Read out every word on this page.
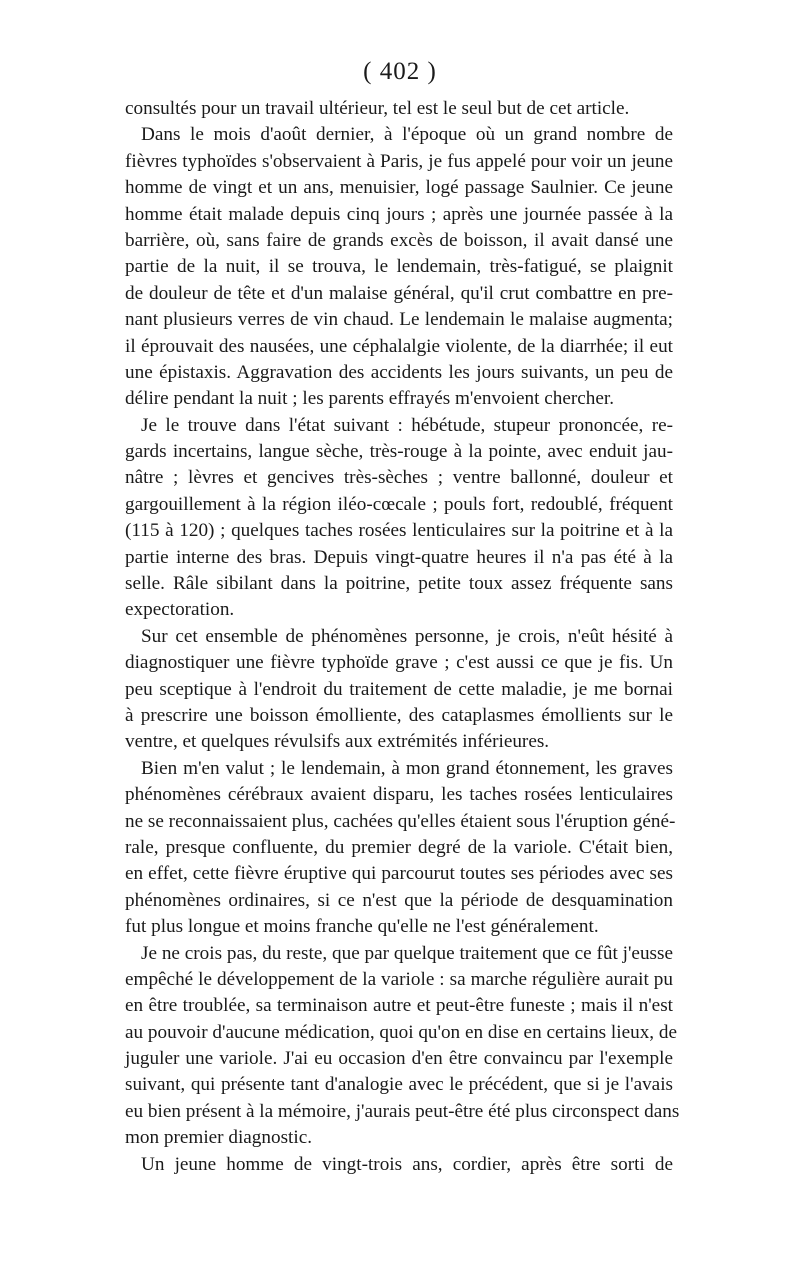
( 402 )
consultés pour un travail ultérieur, tel est le seul but de cet article.
Dans le mois d'août dernier, à l'époque où un grand nombre de
fièvres typhoïdes s'observaient à Paris, je fus appelé pour voir un jeune
homme de vingt et un ans, menuisier, logé passage Saulnier. Ce jeune
homme était malade depuis cinq jours ; après une journée passée à la
barrière, où, sans faire de grands excès de boisson, il avait dansé une
partie de la nuit, il se trouva, le lendemain, très-fatigué, se plaignit
de douleur de tête et d'un malaise général, qu'il crut combattre en pre-
nant plusieurs verres de vin chaud. Le lendemain le malaise augmenta;
il éprouvait des nausées, une céphalalgie violente, de la diarrhée; il eut
une épistaxis. Aggravation des accidents les jours suivants, un peu de
délire pendant la nuit ; les parents effrayés m'envoient chercher.
Je le trouve dans l'état suivant : hébétude, stupeur prononcée, re-
gards incertains, langue sèche, très-rouge à la pointe, avec enduit jau-
nâtre ; lèvres et gencives très-sèches ; ventre ballonné, douleur et
gargouillement à la région iléo-cœcale ; pouls fort, redoublé, fréquent
(115 à 120) ; quelques taches rosées lenticulaires sur la poitrine et à la
partie interne des bras. Depuis vingt-quatre heures il n'a pas été à la
selle. Râle sibilant dans la poitrine, petite toux assez fréquente sans
expectoration.
Sur cet ensemble de phénomènes personne, je crois, n'eût hésité à
diagnostiquer une fièvre typhoïde grave ; c'est aussi ce que je fis. Un
peu sceptique à l'endroit du traitement de cette maladie, je me bornai
à prescrire une boisson émolliente, des cataplasmes émollients sur le
ventre, et quelques révulsifs aux extrémités inférieures.
Bien m'en valut ; le lendemain, à mon grand étonnement, les graves
phénomènes cérébraux avaient disparu, les taches rosées lenticulaires
ne se reconnaissaient plus, cachées qu'elles étaient sous l'éruption géné-
rale, presque confluente, du premier degré de la variole. C'était bien,
en effet, cette fièvre éruptive qui parcourut toutes ses périodes avec ses
phénomènes ordinaires, si ce n'est que la période de desquamination
fut plus longue et moins franche qu'elle ne l'est généralement.
Je ne crois pas, du reste, que par quelque traitement que ce fût j'eusse
empêché le développement de la variole : sa marche régulière aurait pu
en être troublée, sa terminaison autre et peut-être funeste ; mais il n'est
au pouvoir d'aucune médication, quoi qu'on en dise en certains lieux, de
juguler une variole. J'ai eu occasion d'en être convaincu par l'exemple
suivant, qui présente tant d'analogie avec le précédent, que si je l'avais
eu bien présent à la mémoire, j'aurais peut-être été plus circonspect dans
mon premier diagnostic.
Un jeune homme de vingt-trois ans, cordier, après être sorti de
